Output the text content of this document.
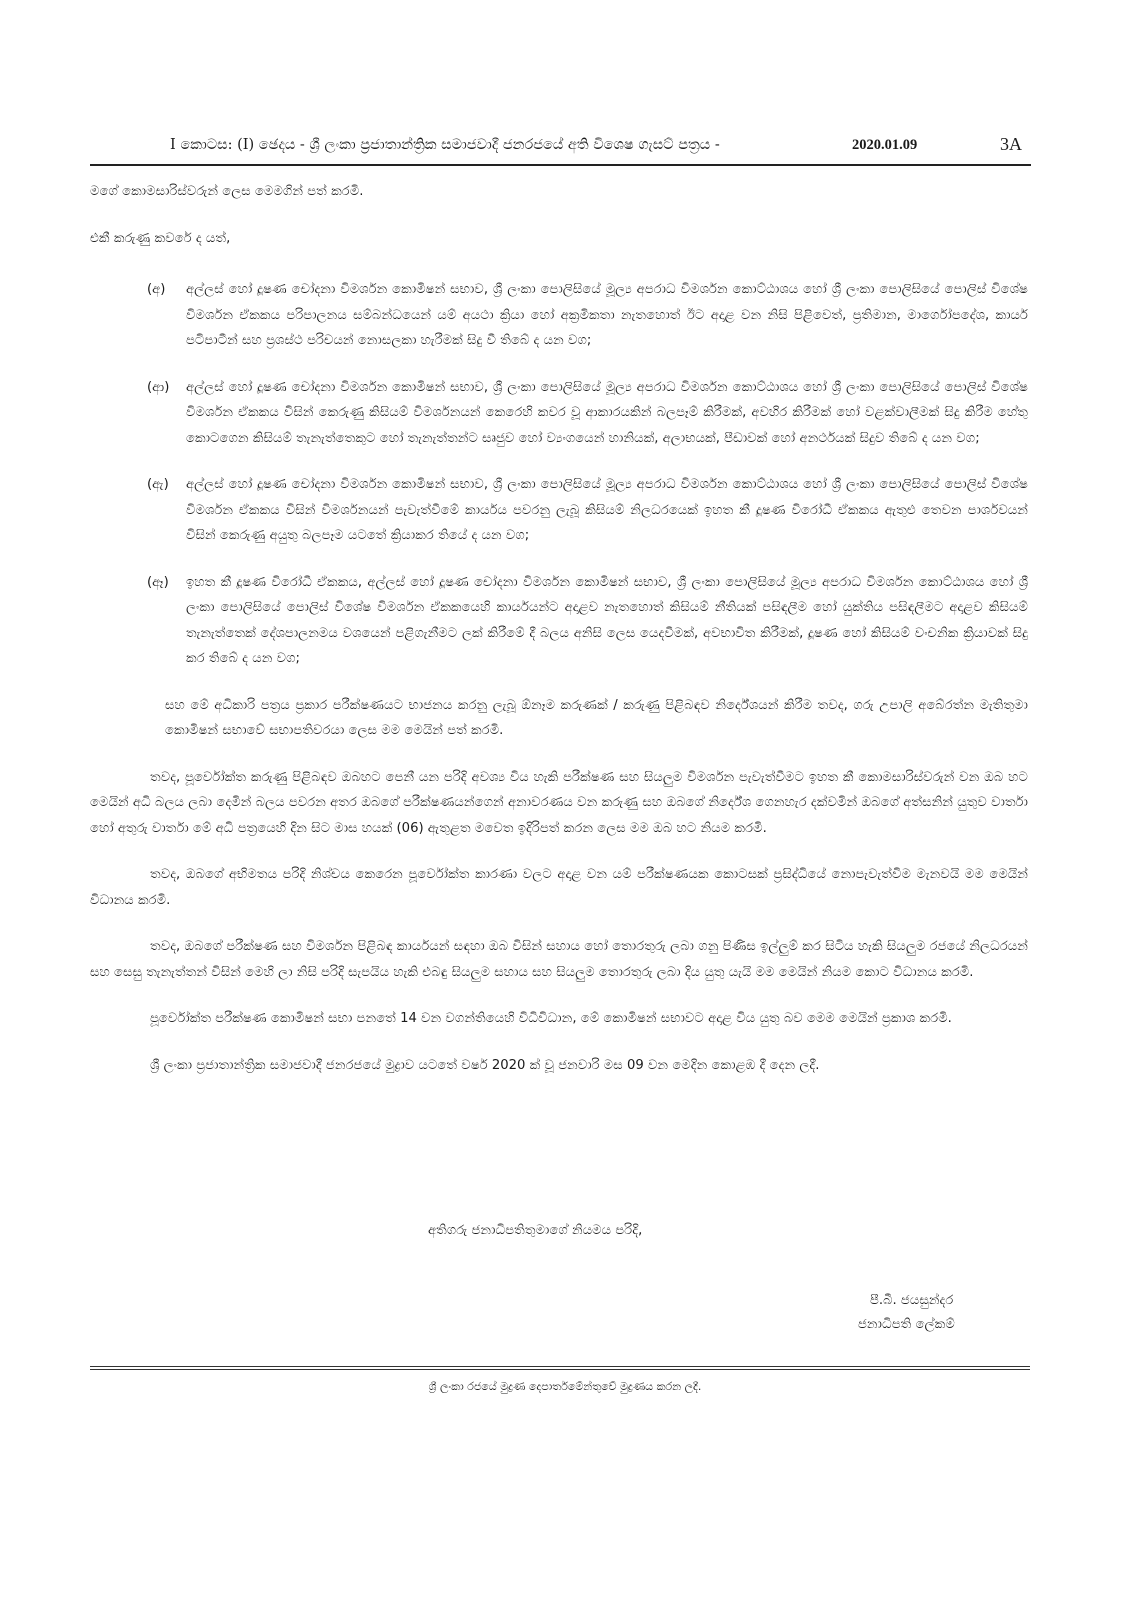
I කොටස: (I) ඡෙදය - ශ්‍රී ලංකා ප්‍රජාතාන්ත්‍රික සමාජවාදී ජනරජයේ අති විශෙෂ ගැසට් පත්‍රය -	2020.01.09	3A

මගේ කොමසාරිස්වරුන් ලෙස මෙමගින් පත් කරමි.

එකී කරුණු කවරේ ද යත්,

(අ)	අල්ලස් හෝ දූෂණ චෝදනා විමර්ශන කොමිෂන් සභාව, ශ්‍රී ලංකා පොලිසියේ මූල්‍ය අපරාධ විමර්ශන කොට්ඨාශය හෝ ශ්‍රී ලංකා පොලිසියේ පොලිස් විශේෂ විමර්ශන ඒකකය පරිපාලනය සම්බන්ධයෙන් යම් අයථා ක්‍රියා හෝ අක්‍රමිකතා නැතහොත් ඊට අදාළ වන නිසි පිළිවෙත්, ප්‍රතිමාන, මාර්ගෝපදේශ, කාර්ය පටිපාටීන් සහ ප්‍රශස්ථ පරිචයන් නොසලකා හැරීමක් සිදු වී තිබේ ද යන වග;

(ආ)	අල්ලස් හෝ දූෂණ චෝදනා විමර්ශන කොමිෂන් සභාව, ශ්‍රී ලංකා පොලිසියේ මූල්‍ය අපරාධ විමර්ශන කොට්ඨාශය හෝ ශ්‍රී ලංකා පොලිසියේ පොලිස් විශේෂ විමර්ශන ඒකකය විසින් කෙරුණු කිසියම් විමර්ශනයන් කෙරෙහි කවර වූ ආකාරයකින් බලපෑම් කිරීමක්, අවහිර කිරීමක් හෝ වළක්වාලීමක් සිදු කිරීම හේතු කොටගෙන කිසියම් තැනැත්තෙකුට හෝ තැනැත්තන්ට සෘජුව හෝ ව්‍යංගයෙන් හානියක්, අලාභයක්, පීඩාවක් හෝ අනර්ථයක් සිදුව තිබේ ද යන වග;

(ඇ)	අල්ලස් හෝ දූෂණ චෝදනා විමර්ශන කොමිෂන් සභාව, ශ්‍රී ලංකා පොලිසියේ මූල්‍ය අපරාධ විමර්ශන කොට්ඨාශය හෝ ශ්‍රී ලංකා පොලිසියේ පොලිස් විශේෂ විමර්ශන ඒකකය විසින් විමර්ශනයන් පැවැත්වීමේ කාර්යය පවරනු ලැබූ කිසියම් නිලධරයෙක් ඉහත කී දූෂණ විරෝධී ඒකකය ඇතුළු තෙවන පාර්ශවයන් විසින් කෙරුණු අයුතු බලපෑම යටතේ ක්‍රියාකර තියේ ද යන වග;

(ඈ)	ඉහත කී දූෂණ විරෝධී ඒකකය, අල්ලස් හෝ දූෂණ චෝදනා විමර්ශන කොමිෂන් සභාව, ශ්‍රී ලංකා පොලිසියේ මූල්‍ය අපරාධ විමර්ශන කොට්ඨාශය හෝ ශ්‍රී ලංකා පොලිසියේ පොලිස් විශේෂ විමර්ශන ඒකකයෙහි කාර්යයන්ට අදාළව නැතහොත් කිසියම් නීතියක් පසිඳලීම හෝ යුක්තිය පසිඳලීමට අදාළව කිසියම් තැනැත්තෙක් දේශපාලනමය වශයෙන් පළිගැනීමට ලක් කිරීමේ දී බලය අනිසි ලෙස යෙදවීමක්, අවභාවිත කිරීමක්, දූෂණ හෝ කිසියම් වංචනික ක්‍රියාවක් සිදු කර තිබේ ද යන වග;

සහ මේ අධිකාරි පත්‍රය ප්‍රකාර පරීක්ෂණයට භාජනය කරනු ලැබූ ඕනෑම කරුණක් / කරුණු පිළිබඳව නිර්දේශයන් කිරීම තවද, ගරු උපාලි අබේරත්න මැතිතුමා කොමිෂන් සභාවේ සභාපතිවරයා ලෙස මම මෙයින් පත් කරමි.

තවද, පූර්වෝක්ත කරුණු පිළිබඳව ඔබහට පෙනී යන පරිදි අවශ්‍ය විය හැකි පරීක්ෂණ සහ සියලුම විමර්ශන පැවැත්වීමට ඉහත කී කොමසාරිස්වරුන් වන ඔබ හට මෙයින් අධි බලය ලබා දෙමින් බලය පවරන අතර ඔබගේ පරීක්ෂණයන්ගෙන් අනාවරණය වන කරුණු සහ ඔබගේ නිර්දේශ ගෙනහැර දක්වමින් ඔබගේ අත්සනින් යුතුව වාර්තා හෝ අතුරු වාර්තා මේ අධි පත්‍රයෙහි දින සිට මාස හයක් (06) ඇතුළත මවෙත ඉදිරිපත් කරන ලෙස මම ඔබ හට නියම කරමි.

තවද, ඔබගේ අභිමතය පරිදි නිශ්චය කෙරෙන පූර්වෝක්ත කාරණා වලට අදාළ වන යම් පරීක්ෂණයක කොටසක් ප්‍රසිද්ධියේ නොපැවැත්විම මැනවයි මම මෙයින් විධානය කරමි.

තවද, ඔබගේ පරීක්ෂණ සහ විමර්ශන පිළිබඳ කාර්යයන් සඳහා ඔබ විසින් සහාය හෝ තොරතුරු ලබා ගනු පිණිස ඉල්ලුම් කර සිටිය හැකි සියලුම රජයේ නිලධරයන් සහ සෙසු තැනැත්තන් විසින් මෙහි ලා නිසි පරිදි සැපයිය හැකි එබඳු සියලුම සහාය සහ සියලුම තොරතුරු ලබා දිය යුතු යැයි මම මෙයින් නියම කොට විධානය කරමි.

පූර්වෝක්ත පරීක්ෂණ කොමිෂන් සභා පනතේ 14 වන වගන්තියෙහි විධිවිධාන, මේ කොමිෂන් සභාවට අදාළ විය යුතු බව මෙම මෙයින් ප්‍රකාශ කරමි.

ශ්‍රී ලංකා ප්‍රජාතාන්ත්‍රික සමාජවාදී ජනරජයේ මුද්‍රාව යටතේ වර්ෂ 2020 ක් වූ ජනවාරි මස 09 වන මෙදින කොළඹ දී දෙන ලදී.

අතිගරු ජනාධිපතිතුමාගේ නියමය පරිදි,
පී.බී. ජයසුන්දර
ජනාධිපති ලේකම්
ශ්‍රී ලංකා රජයේ මුද්‍රණ දෙපාර්තමේන්තුවේ මුද්‍රණය කරන ලදී.
